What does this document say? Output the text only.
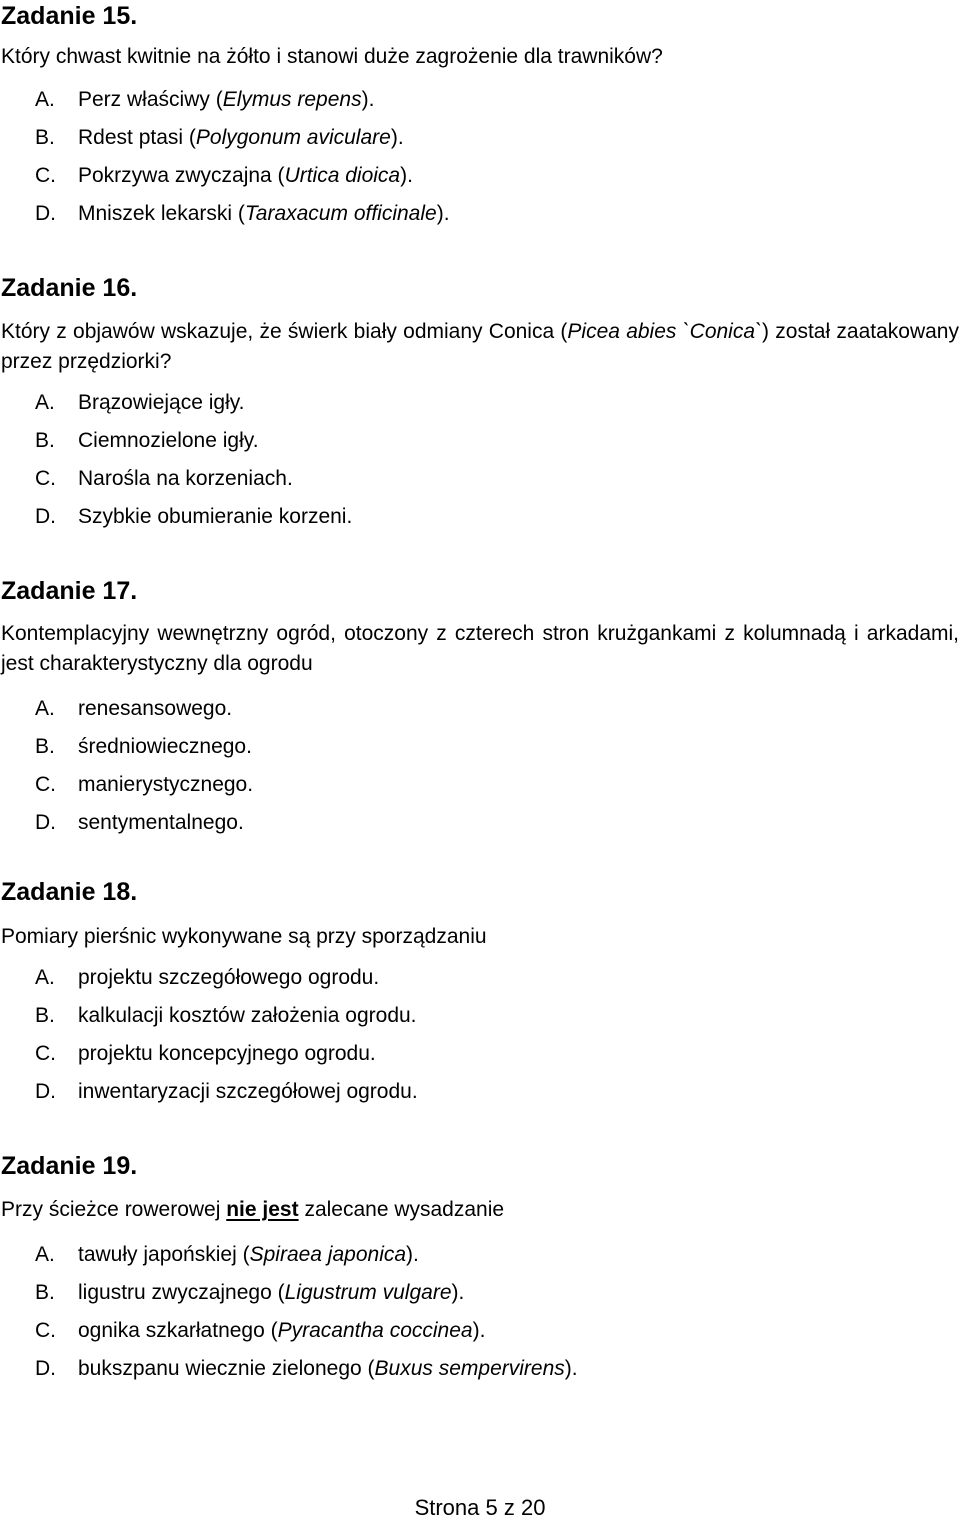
Zadanie 15.

Który chwast kwitnie na żółto i stanowi duże zagrożenie dla trawników?

A.	Perz właściwy (Elymus repens).
B.	Rdest ptasi (Polygonum aviculare).
C.	Pokrzywa zwyczajna (Urtica dioica).
D.	Mniszek lekarski (Taraxacum officinale).
Zadanie 16.

Który z objawów wskazuje, że świerk biały odmiany Conica (Picea abies `Conica`) został zaatakowany przez przędziorki?

A.	Brązowiejące igły.
B.	Ciemnozielone igły.
C.	Narośla na korzeniach.
D.	Szybkie obumieranie korzeni.
Zadanie 17.

Kontemplacyjny wewnętrzny ogród, otoczony z czterech stron krużgankami z kolumnadą i arkadami, jest charakterystyczny dla ogrodu

A.	renesansowego.
B.	średniowiecznego.
C.	manierystycznego.
D.	sentymentalnego.
Zadanie 18.

Pomiary pierśnic wykonywane są przy sporządzaniu

A.	projektu szczegółowego ogrodu.
B.	kalkulacji kosztów założenia ogrodu.
C.	projektu koncepcyjnego ogrodu.
D.	inwentaryzacji szczegółowej ogrodu.
Zadanie 19.

Przy ścieżce rowerowej nie jest zalecane wysadzanie

A.	tawuły japońskiej (Spiraea japonica).
B.	ligustru zwyczajnego (Ligustrum vulgare).
C.	ognika szkarłatnego (Pyracantha coccinea).
D.	bukszpanu wiecznie zielonego (Buxus sempervirens).
Strona 5 z 20
